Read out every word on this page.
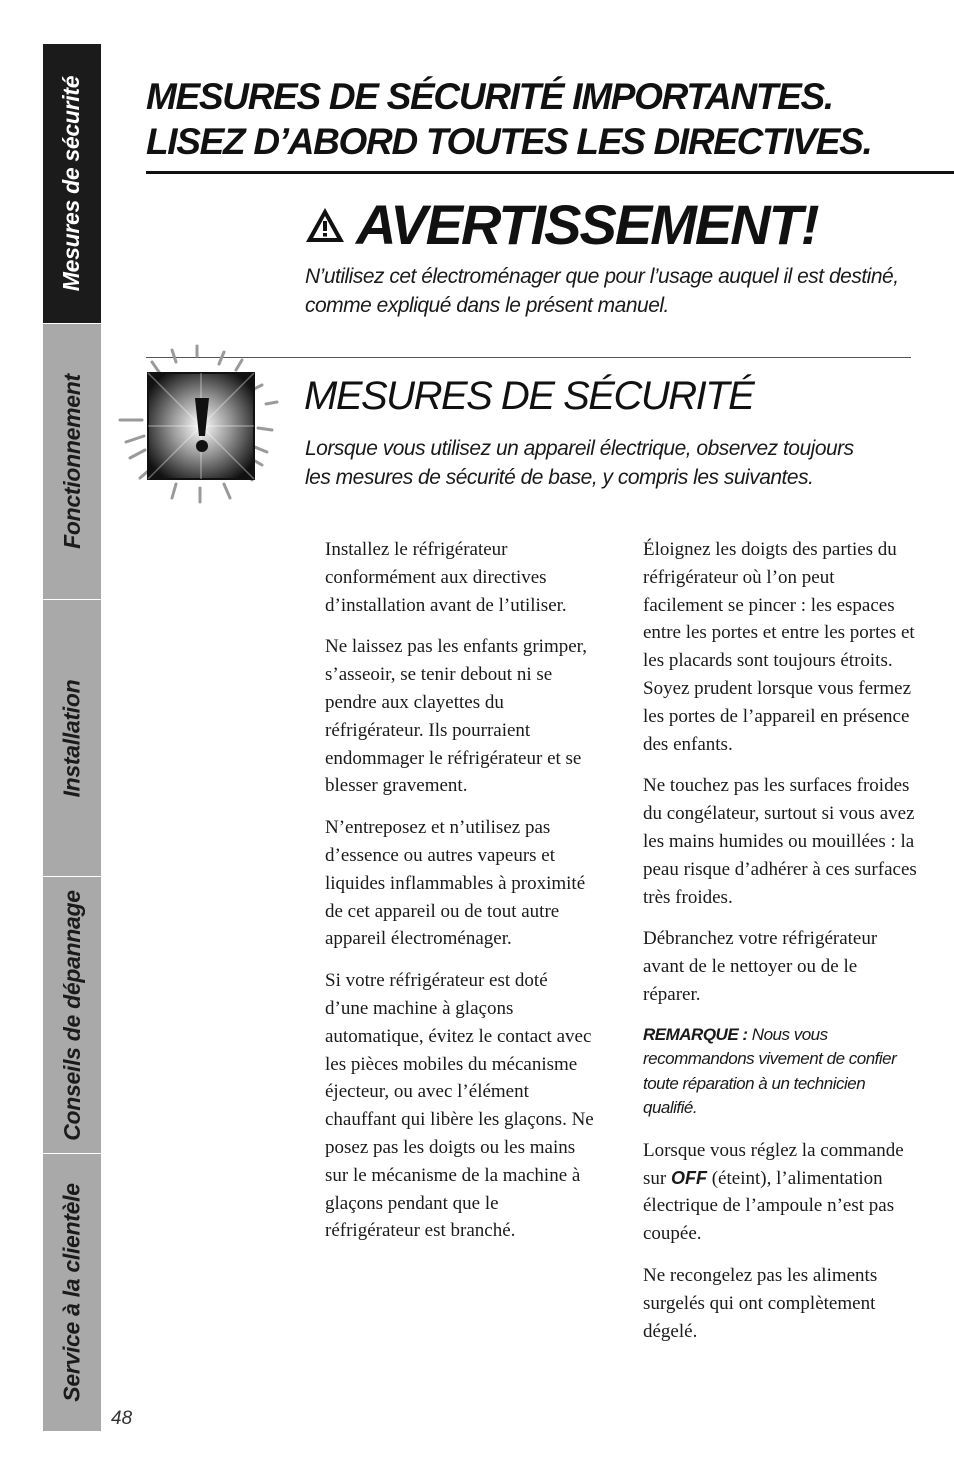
Mesures de sécurité
Fonctionnement
Installation
Conseils de dépannage
Service à la clientèle
MESURES DE SÉCURITÉ IMPORTANTES.
LISEZ D’ABORD TOUTES LES DIRECTIVES.
AVERTISSEMENT!

N’utilisez cet électroménager que pour l’usage auquel il est destiné, comme expliqué dans le présent manuel.

MESURES DE SÉCURITÉ

Lorsque vous utilisez un appareil électrique, observez toujours les mesures de sécurité de base, y compris les suivantes.

Installez le réfrigérateur conformément aux directives d’installation avant de l’utiliser.

Ne laissez pas les enfants grimper, s’asseoir, se tenir debout ni se pendre aux clayettes du réfrigérateur. Ils pourraient endommager le réfrigérateur et se blesser gravement.

N’entreposez et n’utilisez pas d’essence ou autres vapeurs et liquides inflammables à proximité de cet appareil ou de tout autre appareil électroménager.

Si votre réfrigérateur est doté d’une machine à glaçons automatique, évitez le contact avec les pièces mobiles du mécanisme éjecteur, ou avec l’élément chauffant qui libère les glaçons. Ne posez pas les doigts ou les mains sur le mécanisme de la machine à glaçons pendant que le réfrigérateur est branché.

Éloignez les doigts des parties du réfrigérateur où l’on peut facilement se pincer : les espaces entre les portes et entre les portes et les placards sont toujours étroits. Soyez prudent lorsque vous fermez les portes de l’appareil en présence des enfants.

Ne touchez pas les surfaces froides du congélateur, surtout si vous avez les mains humides ou mouillées : la peau risque d’adhérer à ces surfaces très froides.

Débranchez votre réfrigérateur avant de le nettoyer ou de le réparer.

REMARQUE : Nous vous recommandons vivement de confier toute réparation à un technicien qualifié.

Lorsque vous réglez la commande sur OFF (éteint), l’alimentation électrique de l’ampoule n’est pas coupée.

Ne recongelez pas les aliments surgelés qui ont complètement dégelé.

48
